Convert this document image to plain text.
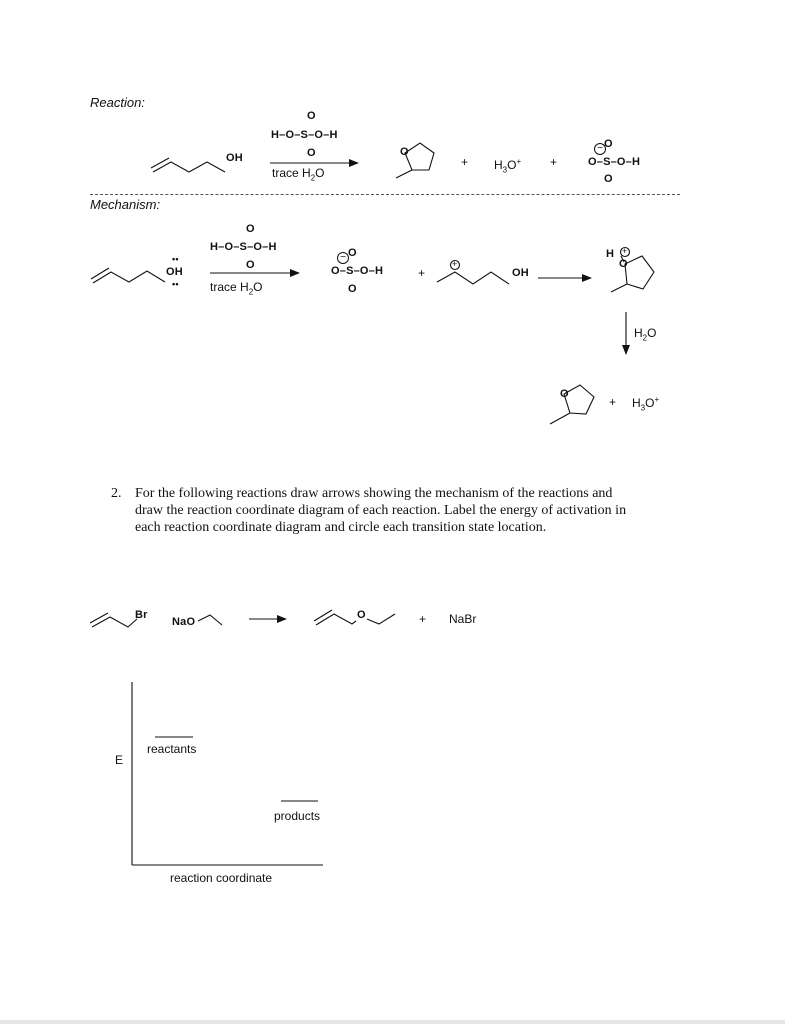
Reaction:
OH
O
H–O–S–O–H
O
trace $H_2O$
O
+ $H_3O^+$ +
O
O–S–O–H
O
−
Mechanism:
••
OH
••
O
H–O–S–O–H
O
trace $H_2O$
O
O–S–O–H
O
−
+
+
OH
H
O
+
$H_2O$
O
+ $H_3O^+$
2. For the following reactions draw arrows showing the mechanism of the reactions and
draw the reaction coordinate diagram of each reaction. Label the energy of activation in
each reaction coordinate diagram and circle each transition state location.
Br
NaO
O	+ NaBr
E
reactants
products
reaction coordinate
